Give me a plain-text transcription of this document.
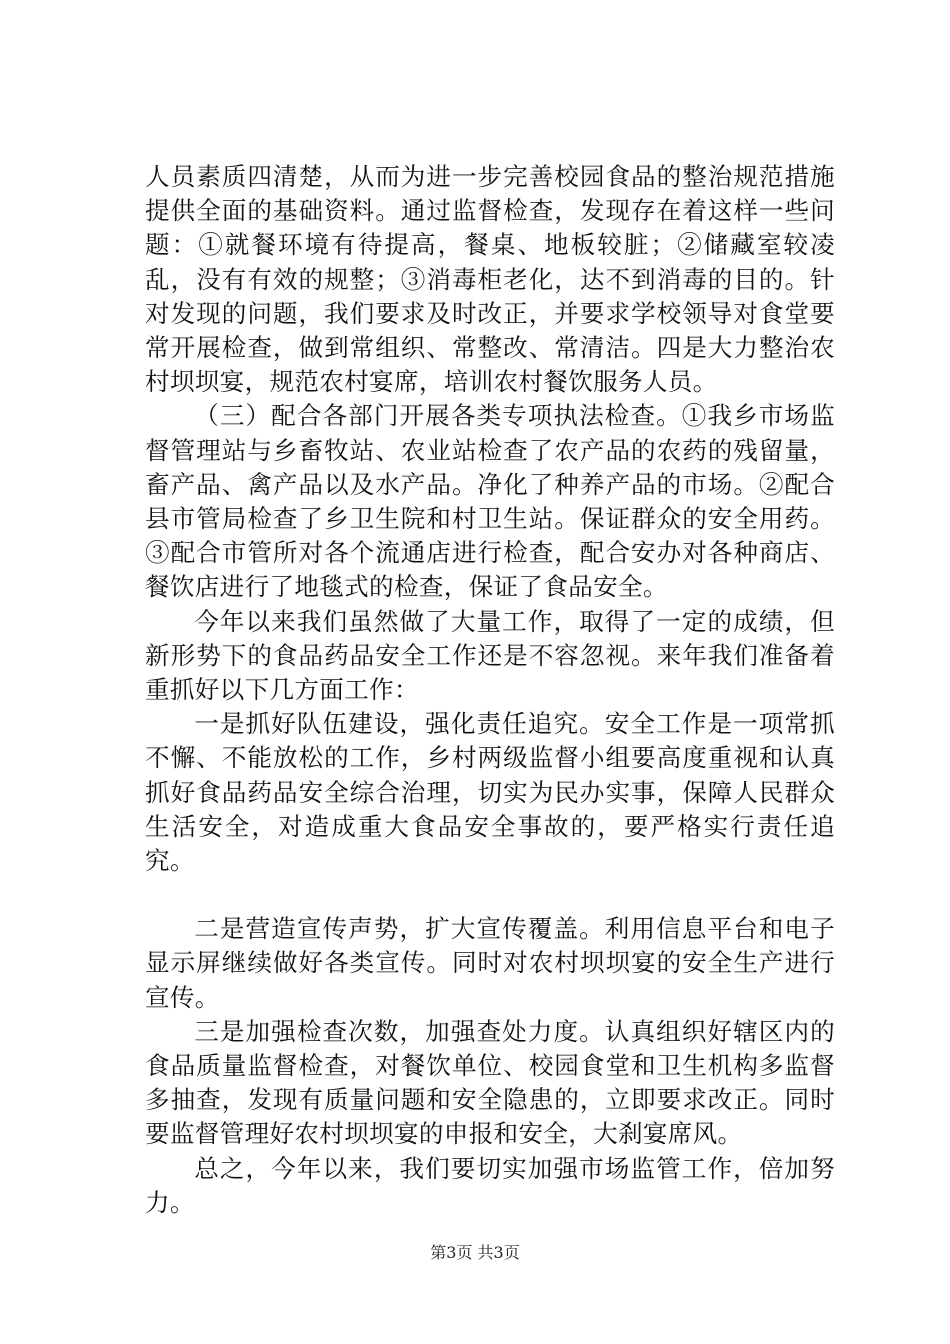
人员素质四清楚，从而为进一步完善校园食品的整治规范措施提供全面的基础资料。通过监督检查，发现存在着这样一些问题：①就餐环境有待提高，餐桌、地板较脏；②储藏室较凌乱，没有有效的规整；③消毒柜老化，达不到消毒的目的。针对发现的问题，我们要求及时改正，并要求学校领导对食堂要常开展检查，做到常组织、常整改、常清洁。四是大力整治农村坝坝宴，规范农村宴席，培训农村餐饮服务人员。

（三）配合各部门开展各类专项执法检查。①我乡市场监督管理站与乡畜牧站、农业站检查了农产品的农药的残留量，畜产品、禽产品以及水产品。净化了种养产品的市场。②配合县市管局检查了乡卫生院和村卫生站。保证群众的安全用药。③配合市管所对各个流通店进行检查，配合安办对各种商店、餐饮店进行了地毯式的检查，保证了食品安全。

今年以来我们虽然做了大量工作，取得了一定的成绩，但新形势下的食品药品安全工作还是不容忽视。来年我们准备着重抓好以下几方面工作：

一是抓好队伍建设，强化责任追究。安全工作是一项常抓不懈、不能放松的工作，乡村两级监督小组要高度重视和认真抓好食品药品安全综合治理，切实为民办实事，保障人民群众生活安全，对造成重大食品安全事故的，要严格实行责任追究。

二是营造宣传声势，扩大宣传覆盖。利用信息平台和电子显示屏继续做好各类宣传。同时对农村坝坝宴的安全生产进行宣传。

三是加强检查次数，加强查处力度。认真组织好辖区内的食品质量监督检查，对餐饮单位、校园食堂和卫生机构多监督多抽查，发现有质量问题和安全隐患的，立即要求改正。同时要监督管理好农村坝坝宴的申报和安全，大刹宴席风。

总之，今年以来，我们要切实加强市场监管工作，倍加努力。

第3页 共3页
